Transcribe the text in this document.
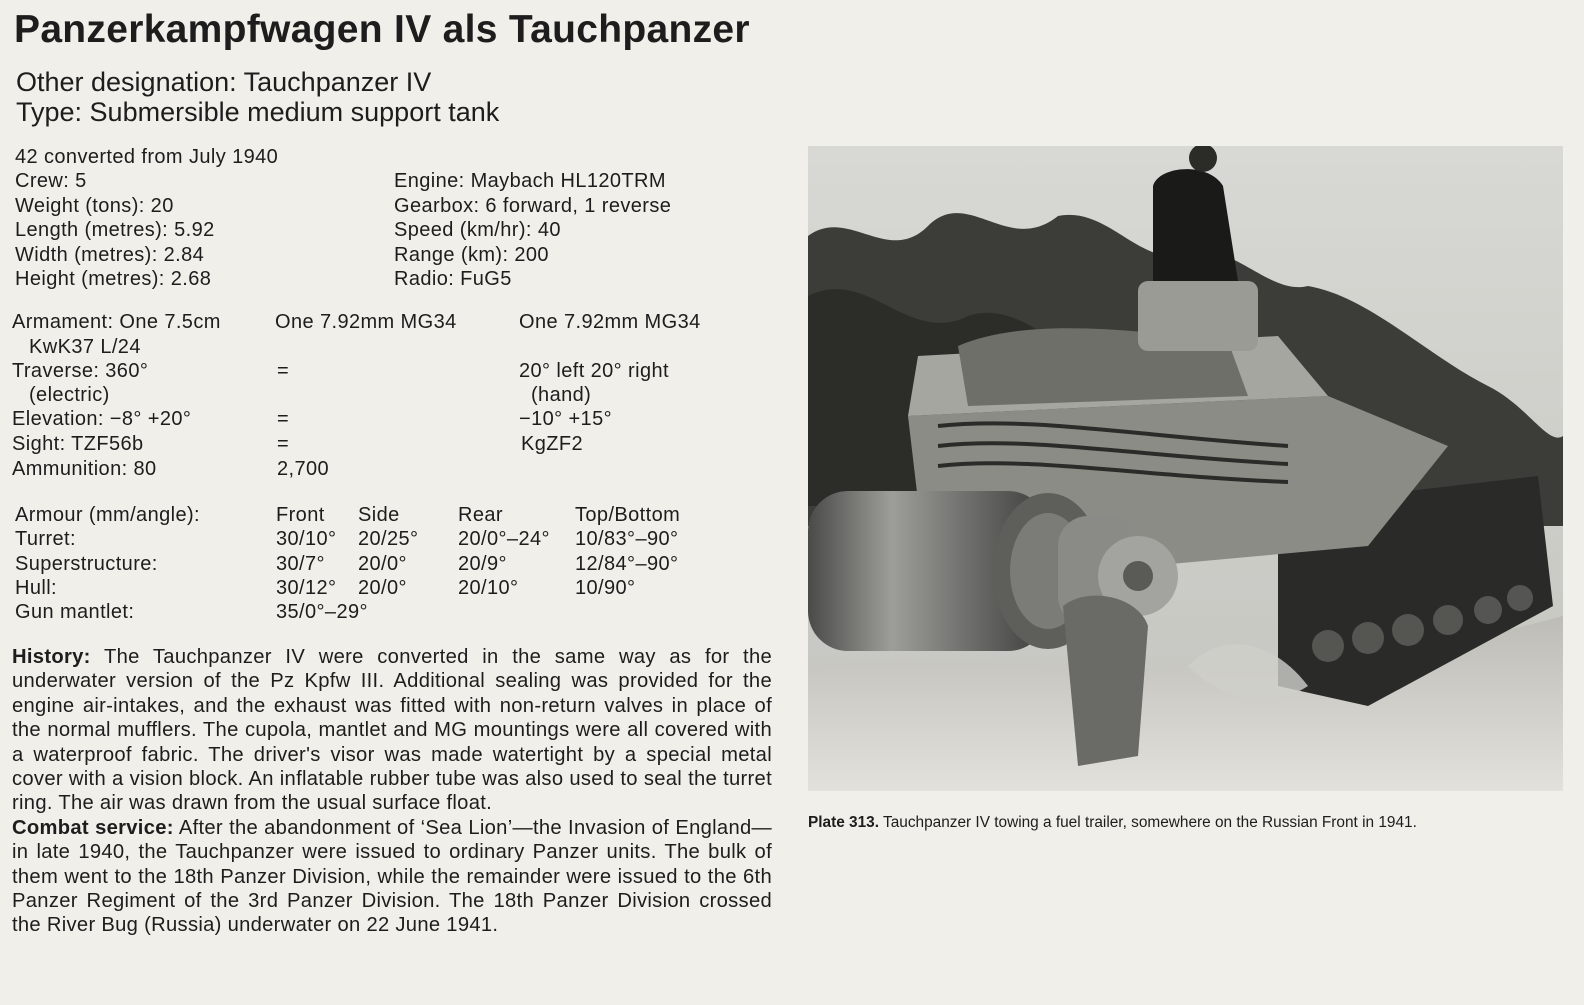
Panzerkampfwagen IV als Tauchpanzer
Other designation: Tauchpanzer IV
Type: Submersible medium support tank
42 converted from July 1940
Crew: 5
Weight (tons): 20
Length (metres): 5.92
Width (metres): 2.84
Height (metres): 2.68
Engine: Maybach HL120TRM
Gearbox: 6 forward, 1 reverse
Speed (km/hr): 40
Range (km): 200
Radio: FuG5
Armament: One 7.5cm
KwK37 L/24
Traverse: 360°
(electric)
Elevation: −8° +20°
Sight: TZF56b
Ammunition: 80
One 7.92mm MG34
=
=
=
2,700
One 7.92mm MG34
20° left 20° right
(hand)
−10° +15°
KgZF2
Armour (mm/angle):
Turret:
Superstructure:
Hull:
Gun mantlet:
Front
30/10°
30/7°
30/12°
35/0°–29°
Side
20/25°
20/0°
20/0°
Rear
20/0°–24°
20/9°
20/10°
Top/Bottom
10/83°–90°
12/84°–90°
10/90°

History: The Tauchpanzer IV were converted in the same way as for the underwater version of the Pz Kpfw III. Additional sealing was provided for the engine air-intakes, and the exhaust was fitted with non-return valves in place of the normal mufflers. The cupola, mantlet and MG mountings were all covered with a waterproof fabric. The driver's visor was made watertight by a special metal cover with a vision block. An inflatable rubber tube was also used to seal the turret ring. The air was drawn from the usual surface float.

Combat service: After the abandonment of ‘Sea Lion’—the Invasion of England—in late 1940, the Tauchpanzer were issued to ordinary Panzer units. The bulk of them went to the 18th Panzer Division, while the remainder were issued to the 6th Panzer Regiment of the 3rd Panzer Division. The 18th Panzer Division crossed the River Bug (Russia) underwater on 22 June 1941.

Plate 313. Tauchpanzer IV towing a fuel trailer, somewhere on the Russian Front in 1941.
